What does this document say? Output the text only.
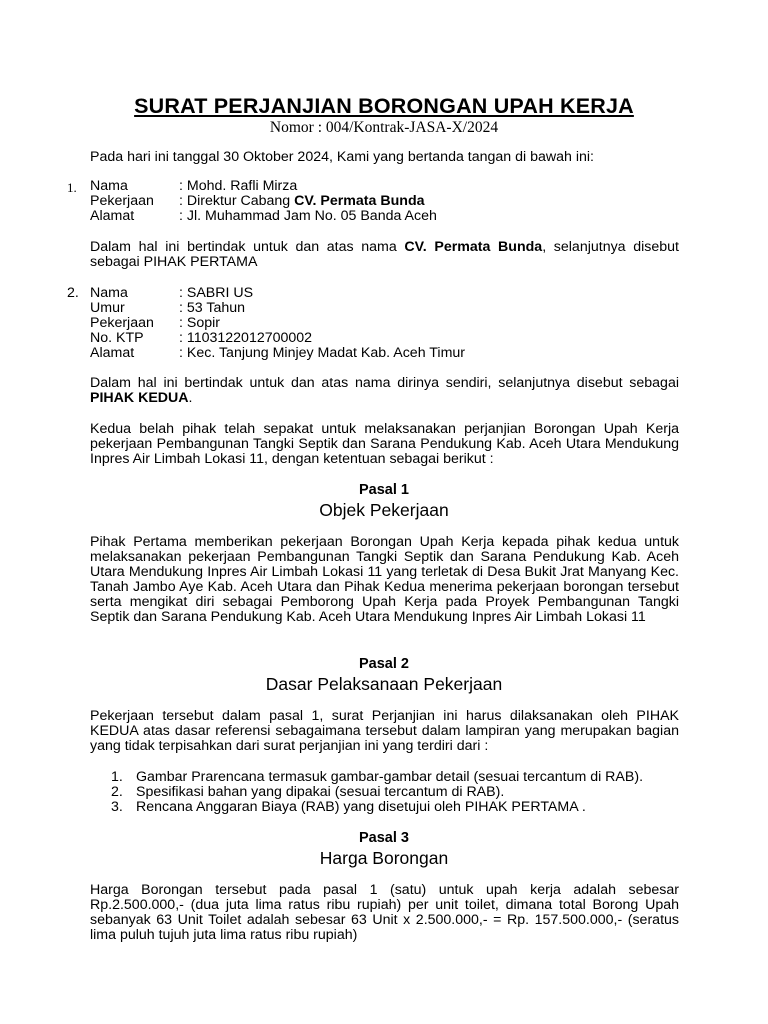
SURAT PERJANJIAN BORONGAN UPAH KERJA
Nomor : 004/Kontrak-JASA-X/2024
Pada hari ini tanggal 30 Oktober 2024, Kami yang bertanda tangan di bawah ini:
1. Nama	: Mohd. Rafli Mirza
Pekerjaan : Direktur Cabang CV. Permata Bunda
Alamat	: Jl. Muhammad Jam No. 05 Banda Aceh
Dalam hal ini bertindak untuk dan atas nama CV. Permata Bunda, selanjutnya disebut sebagai PIHAK PERTAMA
2. Nama	: SABRI US
Umur	: 53 Tahun
Pekerjaan : Sopir
No. KTP : 1103122012700002
Alamat	: Kec. Tanjung Minjey Madat Kab. Aceh Timur
Dalam hal ini bertindak untuk dan atas nama dirinya sendiri, selanjutnya disebut sebagai PIHAK KEDUA.
Kedua belah pihak telah sepakat untuk melaksanakan perjanjian Borongan Upah Kerja pekerjaan Pembangunan Tangki Septik dan Sarana Pendukung Kab. Aceh Utara Mendukung Inpres Air Limbah Lokasi 11, dengan ketentuan sebagai berikut :
Pasal 1
Objek Pekerjaan
Pihak Pertama memberikan pekerjaan Borongan Upah Kerja kepada pihak kedua untuk melaksanakan pekerjaan Pembangunan Tangki Septik dan Sarana Pendukung Kab. Aceh Utara Mendukung Inpres Air Limbah Lokasi 11 yang terletak di Desa Bukit Jrat Manyang Kec. Tanah Jambo Aye Kab. Aceh Utara dan Pihak Kedua menerima pekerjaan borongan tersebut serta mengikat diri sebagai Pemborong Upah Kerja pada Proyek Pembangunan Tangki Septik dan Sarana Pendukung Kab. Aceh Utara Mendukung Inpres Air Limbah Lokasi 11
Pasal 2
Dasar Pelaksanaan Pekerjaan
Pekerjaan tersebut dalam pasal 1, surat Perjanjian ini harus dilaksanakan oleh PIHAK KEDUA atas dasar referensi sebagaimana tersebut dalam lampiran yang merupakan bagian yang tidak terpisahkan dari surat perjanjian ini yang terdiri dari :
1. Gambar Prarencana termasuk gambar-gambar detail (sesuai tercantum di RAB).
2. Spesifikasi bahan yang dipakai (sesuai tercantum di RAB).
3. Rencana Anggaran Biaya (RAB) yang disetujui oleh PIHAK PERTAMA .
Pasal 3
Harga Borongan
Harga Borongan tersebut pada pasal 1 (satu) untuk upah kerja adalah sebesar Rp.2.500.000,- (dua juta lima ratus ribu rupiah) per unit toilet, dimana total Borong Upah sebanyak 63 Unit Toilet adalah sebesar 63 Unit x 2.500.000,- = Rp. 157.500.000,- (seratus lima puluh tujuh juta lima ratus ribu rupiah)
